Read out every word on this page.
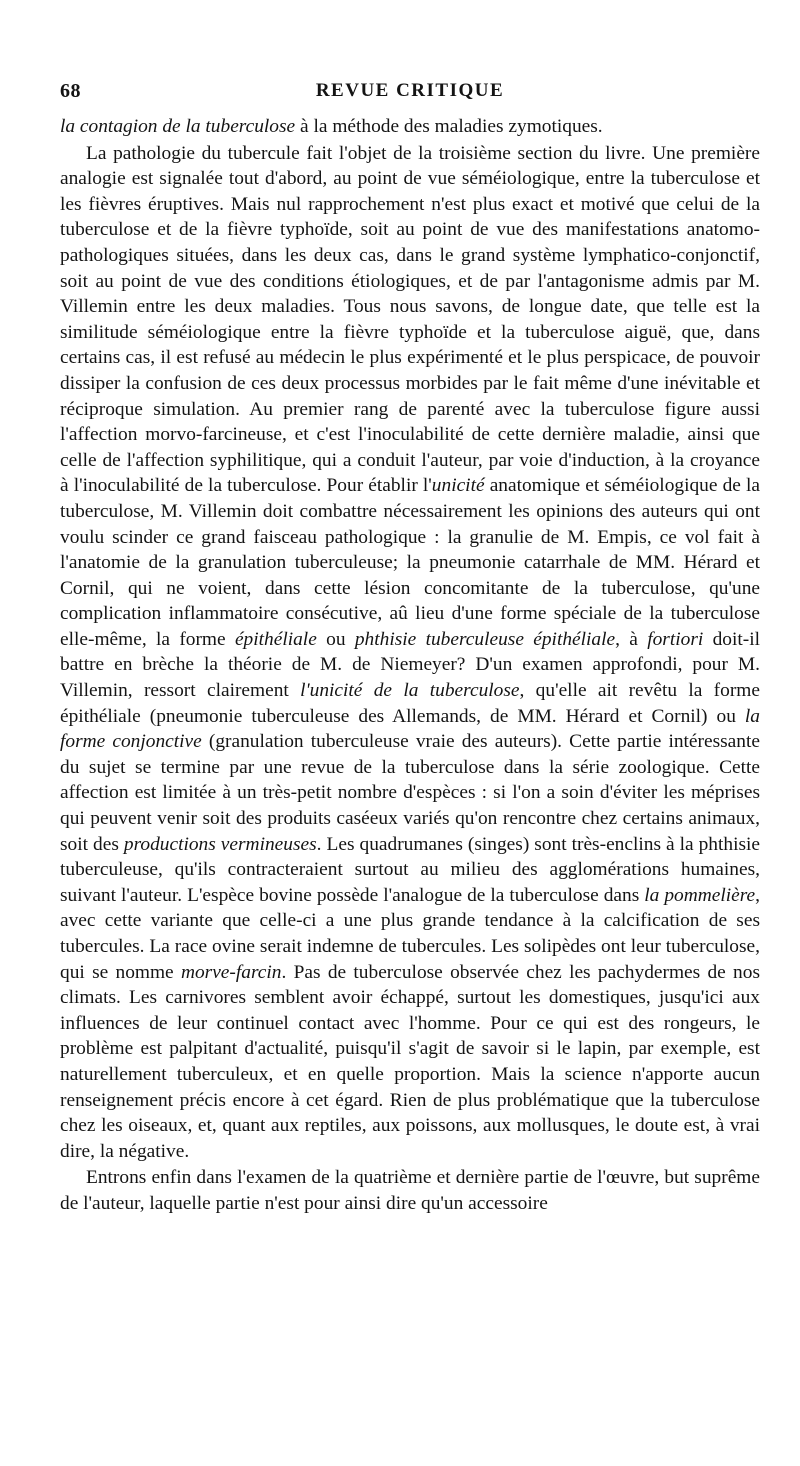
68	REVUE CRITIQUE

la contagion de la tuberculose à la méthode des maladies zymotiques.

La pathologie du tubercule fait l'objet de la troisième section du livre. Une première analogie est signalée tout d'abord, au point de vue séméiologique, entre la tuberculose et les fièvres éruptives. Mais nul rapprochement n'est plus exact et motivé que celui de la tuberculose et de la fièvre typhoïde, soit au point de vue des manifestations anatomo-pathologiques situées, dans les deux cas, dans le grand système lymphatico-conjonctif, soit au point de vue des conditions étiologiques, et de par l'antagonisme admis par M. Villemin entre les deux maladies. Tous nous savons, de longue date, que telle est la similitude séméiologique entre la fièvre typhoïde et la tuberculose aiguë, que, dans certains cas, il est refusé au médecin le plus expérimenté et le plus perspicace, de pouvoir dissiper la confusion de ces deux processus morbides par le fait même d'une inévitable et réciproque simulation. Au premier rang de parenté avec la tuberculose figure aussi l'affection morvo-farcineuse, et c'est l'inoculabilité de cette dernière maladie, ainsi que celle de l'affection syphilitique, qui a conduit l'auteur, par voie d'induction, à la croyance à l'inoculabilité de la tuberculose. Pour établir l'unicité anatomique et séméiologique de la tuberculose, M. Villemin doit combattre nécessairement les opinions des auteurs qui ont voulu scinder ce grand faisceau pathologique : la granulie de M. Empis, ce vol fait à l'anatomie de la granulation tuberculeuse; la pneumonie catarrhale de MM. Hérard et Cornil, qui ne voient, dans cette lésion concomitante de la tuberculose, qu'une complication inflammatoire consécutive, aû lieu d'une forme spéciale de la tuberculose elle-même, la forme épithéliale ou phthisie tuberculeuse épithéliale, à fortiori doit-il battre en brèche la théorie de M. de Niemeyer? D'un examen approfondi, pour M. Villemin, ressort clairement l'unicité de la tuberculose, qu'elle ait revêtu la forme épithéliale (pneumonie tuberculeuse des Allemands, de MM. Hérard et Cornil) ou la forme conjonctive (granulation tuberculeuse vraie des auteurs). Cette partie intéressante du sujet se termine par une revue de la tuberculose dans la série zoologique. Cette affection est limitée à un très-petit nombre d'espèces : si l'on a soin d'éviter les méprises qui peuvent venir soit des produits caséeux variés qu'on rencontre chez certains animaux, soit des productions vermineuses. Les quadrumanes (singes) sont très-enclins à la phthisie tuberculeuse, qu'ils contracteraient surtout au milieu des agglomérations humaines, suivant l'auteur. L'espèce bovine possède l'analogue de la tuberculose dans la pommelière, avec cette variante que celle-ci a une plus grande tendance à la calcification de ses tubercules. La race ovine serait indemne de tubercules. Les solipèdes ont leur tuberculose, qui se nomme morve-farcin. Pas de tuberculose observée chez les pachydermes de nos climats. Les carnivores semblent avoir échappé, surtout les domestiques, jusqu'ici aux influences de leur continuel contact avec l'homme. Pour ce qui est des rongeurs, le problème est palpitant d'actualité, puisqu'il s'agit de savoir si le lapin, par exemple, est naturellement tuberculeux, et en quelle proportion. Mais la science n'apporte aucun renseignement précis encore à cet égard. Rien de plus problématique que la tuberculose chez les oiseaux, et, quant aux reptiles, aux poissons, aux mollusques, le doute est, à vrai dire, la négative.

Entrons enfin dans l'examen de la quatrième et dernière partie de l'œuvre, but suprême de l'auteur, laquelle partie n'est pour ainsi dire qu'un accessoire
